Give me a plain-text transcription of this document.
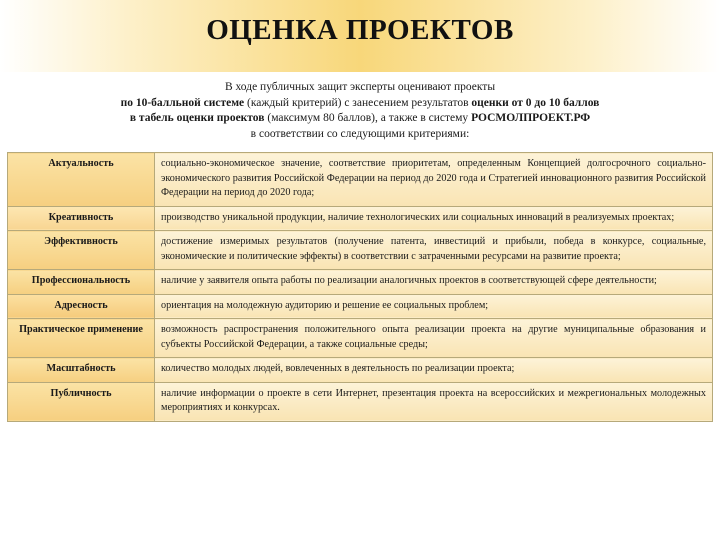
ОЦЕНКА ПРОЕКТОВ
В ходе публичных защит эксперты оценивают проекты
по 10-балльной системе (каждый критерий) с занесением результатов оценки от 0 до 10 баллов
в табель оценки проектов (максимум 80 баллов), а также в систему РОСМОЛПРОЕКТ.РФ
в соответствии со следующими критериями:
Актуальность	социально-экономическое значение, соответствие приоритетам, определенным Концепцией долгосрочного социально-экономического развития Российской Федерации на период до 2020 года и Стратегией инновационного развития Российской Федерации на период до 2020 года;
Креативность	производство уникальной продукции, наличие технологических или социальных инноваций в реализуемых проектах;
Эффективность	достижение измеримых результатов (получение патента, инвестиций и прибыли, победа в конкурсе, социальные, экономические и политические эффекты) в соответствии с затраченными ресурсами на развитие проекта;
Профессиональность	наличие у заявителя опыта работы по реализации аналогичных проектов в соответствующей сфере деятельности;
Адресность	ориентация на молодежную аудиторию и решение ее социальных проблем;
Практическое применение	возможность распространения положительного опыта реализации проекта на другие муниципальные образования и субъекты Российской Федерации, а также социальные среды;
Масштабность	количество молодых людей, вовлеченных в деятельность по реализации проекта;
Публичность	наличие информации о проекте в сети Интернет, презентация проекта на всероссийских и межрегиональных молодежных мероприятиях и конкурсах.
